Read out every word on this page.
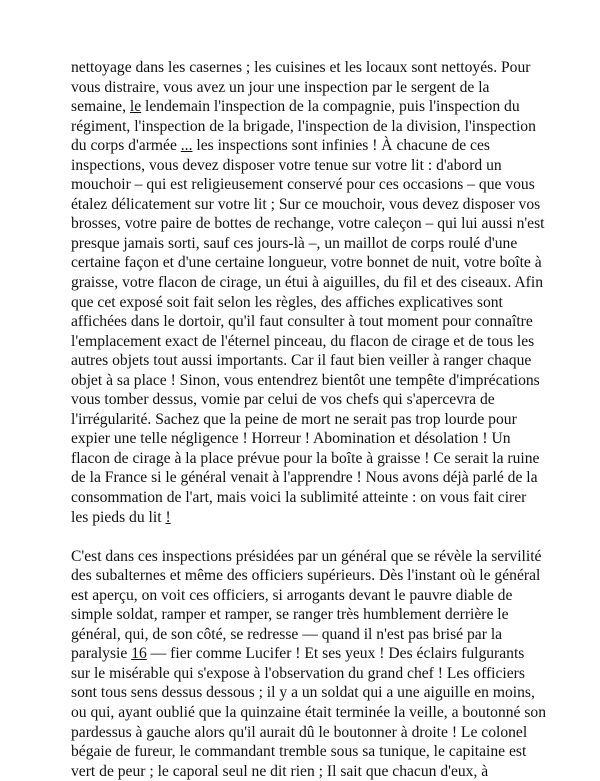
nettoyage dans les casernes ; les cuisines et les locaux sont nettoyés. Pour
vous distraire, vous avez un jour une inspection par le sergent de la
semaine, le lendemain l'inspection de la compagnie, puis l'inspection du
régiment, l'inspection de la brigade, l'inspection de la division, l'inspection
du corps d'armée ... les inspections sont infinies ! À chacune de ces
inspections, vous devez disposer votre tenue sur votre lit : d'abord un
mouchoir – qui est religieusement conservé pour ces occasions – que vous
étalez délicatement sur votre lit ; Sur ce mouchoir, vous devez disposer vos
brosses, votre paire de bottes de rechange, votre caleçon – qui lui aussi n'est
presque jamais sorti, sauf ces jours-là –, un maillot de corps roulé d'une
certaine façon et d'une certaine longueur, votre bonnet de nuit, votre boîte à
graisse, votre flacon de cirage, un étui à aiguilles, du fil et des ciseaux. Afin
que cet exposé soit fait selon les règles, des affiches explicatives sont
affichées dans le dortoir, qu'il faut consulter à tout moment pour connaître
l'emplacement exact de l'éternel pinceau, du flacon de cirage et de tous les
autres objets tout aussi importants. Car il faut bien veiller à ranger chaque
objet à sa place ! Sinon, vous entendrez bientôt une tempête d'imprécations
vous tomber dessus, vomie par celui de vos chefs qui s'apercevra de
l'irrégularité. Sachez que la peine de mort ne serait pas trop lourde pour
expier une telle négligence ! Horreur ! Abomination et désolation ! Un
flacon de cirage à la place prévue pour la boîte à graisse ! Ce serait la ruine
de la France si le général venait à l'apprendre ! Nous avons déjà parlé de la
consommation de l'art, mais voici la sublimité atteinte : on vous fait cirer
les pieds du lit !

C'est dans ces inspections présidées par un général que se révèle la servilité
des subalternes et même des officiers supérieurs. Dès l'instant où le général
est aperçu, on voit ces officiers, si arrogants devant le pauvre diable de
simple soldat, ramper et ramper, se ranger très humblement derrière le
général, qui, de son côté, se redresse — quand il n'est pas brisé par la
paralysie 16 — fier comme Lucifer ! Et ses yeux ! Des éclairs fulgurants
sur le misérable qui s'expose à l'observation du grand chef ! Les officiers
sont tous sens dessus dessous ; il y a un soldat qui a une aiguille en moins,
ou qui, ayant oublié que la quinzaine était terminée la veille, a boutonné son
pardessus à gauche alors qu'il aurait dû le boutonner à droite ! Le colonel
bégaie de fureur, le commandant tremble sous sa tunique, le capitaine est
vert de peur ; le caporal seul ne dit rien ; Il sait que chacun d'eux, à
